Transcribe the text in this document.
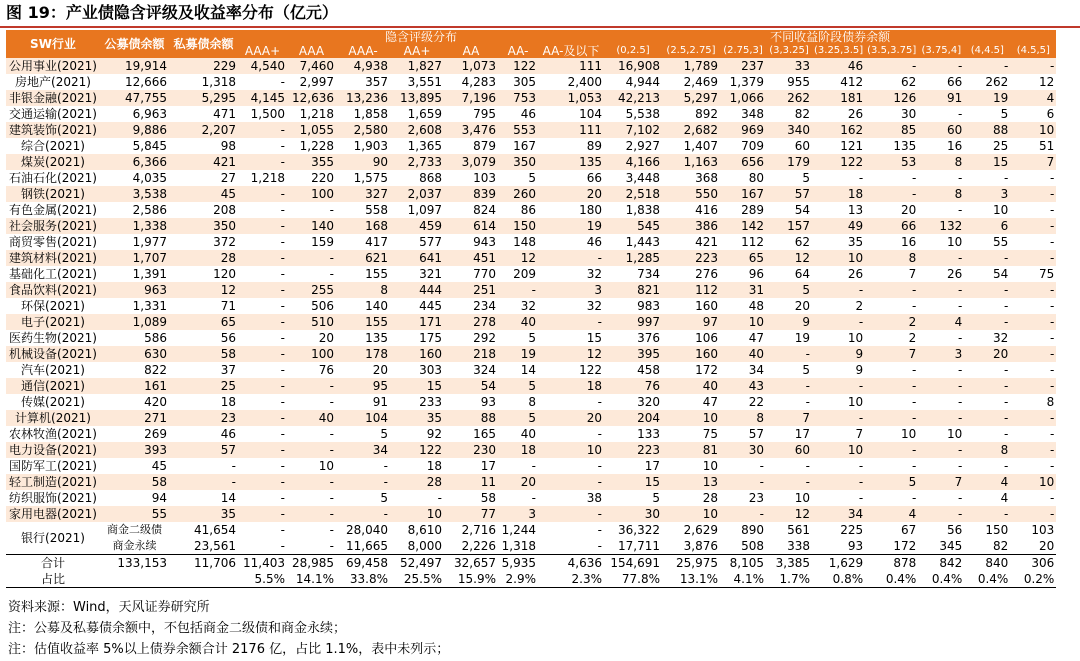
图 19：产业债隐含评级及收益率分布（亿元）
SW行业	公募债余额	私募债余额	隐含评级分布							不同收益阶段债券余额								
			AAA+	AAA	AAA-	AA+	AA	AA-	AA-及以下	(0,2.5]	(2.5,2.75]	(2.75,3]	(3,3.25]	(3.25,3.5]	(3.5,3.75]	(3.75,4]	(4,4.5]	(4.5,5]
公用事业(2021)	19,914	229	4,540	7,460	4,938	1,827	1,073	122	111	16,908	1,789	237	33	46	-	-	-	-
房地产(2021)	12,666	1,318	-	2,997	357	3,551	4,283	305	2,400	4,944	2,469	1,379	955	412	62	66	262	12
非银金融(2021)	47,755	5,295	4,145	12,636	13,236	13,895	7,196	753	1,053	42,213	5,297	1,066	262	181	126	91	19	4
交通运输(2021)	6,963	471	1,500	1,218	1,858	1,659	795	46	104	5,538	892	348	82	26	30	-	5	6
建筑装饰(2021)	9,886	2,207	-	1,055	2,580	2,608	3,476	553	111	7,102	2,682	969	340	162	85	60	88	10
综合(2021)	5,845	98	-	1,228	1,903	1,365	879	167	89	2,927	1,407	709	60	121	135	16	25	51
煤炭(2021)	6,366	421	-	355	90	2,733	3,079	350	135	4,166	1,163	656	179	122	53	8	15	7
石油石化(2021)	4,035	27	1,218	220	1,575	868	103	5	66	3,448	368	80	5	-	-	-	-	-
钢铁(2021)	3,538	45	-	100	327	2,037	839	260	20	2,518	550	167	57	18	-	8	3	-
有色金属(2021)	2,586	208	-	-	558	1,097	824	86	180	1,838	416	289	54	13	20	-	10	-
社会服务(2021)	1,338	350	-	140	168	459	614	150	19	545	386	142	157	49	66	132	6	-
商贸零售(2021)	1,977	372	-	159	417	577	943	148	46	1,443	421	112	62	35	16	10	55	-
建筑材料(2021)	1,707	28	-	-	621	641	451	12	-	1,285	223	65	12	10	8	-	-	-
基础化工(2021)	1,391	120	-	-	155	321	770	209	32	734	276	96	64	26	7	26	54	75
食品饮料(2021)	963	12	-	255	8	444	251	-	3	821	112	31	5	-	-	-	-	-
环保(2021)	1,331	71	-	506	140	445	234	32	32	983	160	48	20	2	-	-	-	-
电子(2021)	1,089	65	-	510	155	171	278	40	-	997	97	10	9	-	2	4	-	-
医药生物(2021)	586	56	-	20	135	175	292	5	15	376	106	47	19	10	2	-	32	-
机械设备(2021)	630	58	-	100	178	160	218	19	12	395	160	40	-	9	7	3	20	-
汽车(2021)	822	37	-	76	20	303	324	14	122	458	172	34	5	9	-	-	-	-
通信(2021)	161	25	-	-	95	15	54	5	18	76	40	43	-	-	-	-	-	-
传媒(2021)	420	18	-	-	91	233	93	8	-	320	47	22	-	10	-	-	-	8
计算机(2021)	271	23	-	40	104	35	88	5	20	204	10	8	7	-	-	-	-	-
农林牧渔(2021)	269	46	-	-	5	92	165	40	-	133	75	57	17	7	10	10	-	-
电力设备(2021)	393	57	-	-	34	122	230	18	10	223	81	30	60	10	-	-	8	-
国防军工(2021)	45	-	-	10	-	18	17	-	-	17	10	-	-	-	-	-	-	-
轻工制造(2021)	58	-	-	-	-	28	11	20	-	15	13	-	-	-	5	7	4	10
纺织服饰(2021)	94	14	-	-	5	-	58	-	38	5	28	23	10	-	-	-	4	-
家用电器(2021)	55	35	-	-	-	10	77	3	-	30	10	-	12	34	4	-	-	-
银行(2021)	商金二级债	41,654	-	-	28,040	8,610	2,716	1,244	-	36,322	2,629	890	561	225	67	56	150	103
	商金永续	23,561	-	-	11,665	8,000	2,226	1,318	-	17,711	3,876	508	338	93	172	345	82	20
合计	133,153	11,706	11,403	28,985	69,458	52,497	32,657	5,935	4,636	154,691	25,975	8,105	3,385	1,629	878	842	840	306
占比			5.5%	14.1%	33.8%	25.5%	15.9%	2.9%	2.3%	77.8%	13.1%	4.1%	1.7%	0.8%	0.4%	0.4%	0.4%	0.2%
资料来源：Wind，天风证券研究所
注：公募及私募债余额中，不包括商金二级债和商金永续；
注：估值收益率 5%以上债券余额合计 2176 亿，占比 1.1%，表中未列示；
